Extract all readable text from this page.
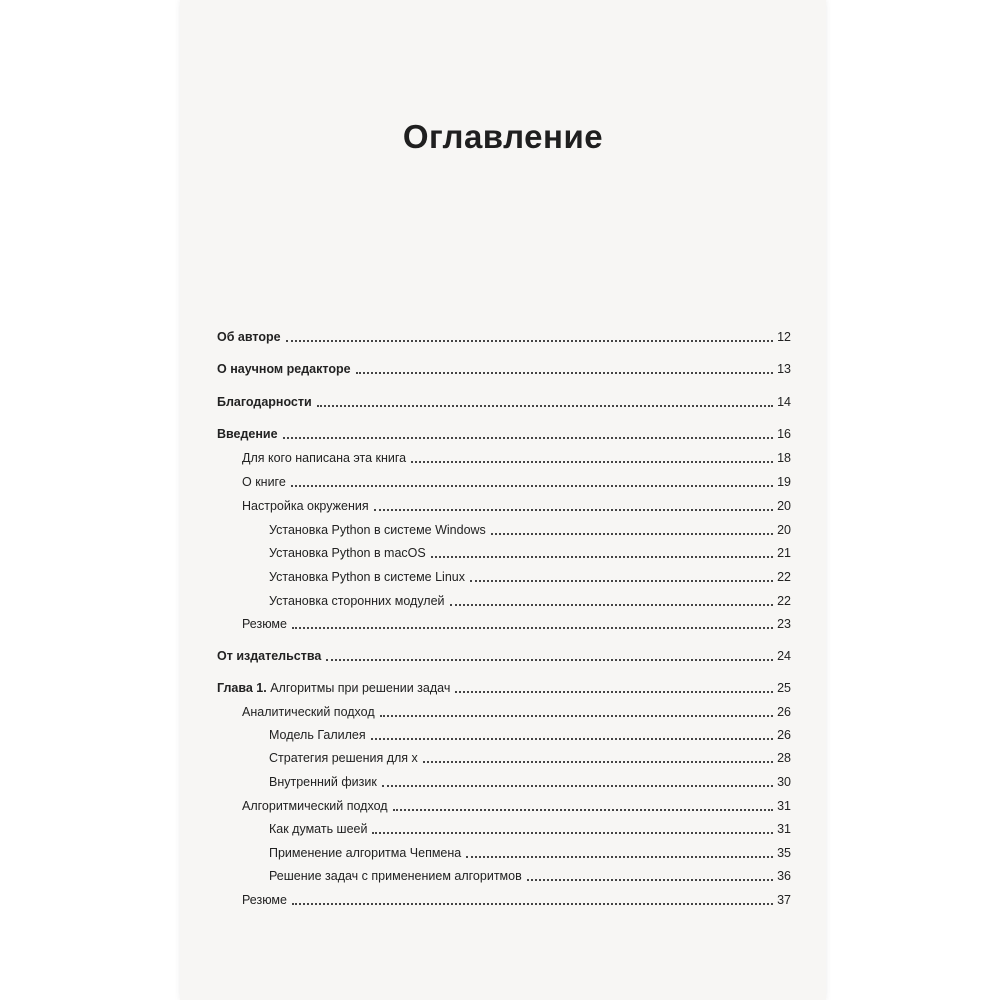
Оглавление
Об авторе	12
О научном редакторе	13
Благодарности	14
Введение	16
Для кого написана эта книга	18
О книге	19
Настройка окружения	20
Установка Python в системе Windows	20
Установка Python в macOS	21
Установка Python в системе Linux	22
Установка сторонних модулей	22
Резюме	23
От издательства	24
Глава 1. Алгоритмы при решении задач	25
Аналитический подход	26
Модель Галилея	26
Стратегия решения для x	28
Внутренний физик	30
Алгоритмический подход	31
Как думать шеей	31
Применение алгоритма Чепмена	35
Решение задач с применением алгоритмов	36
Резюме	37
